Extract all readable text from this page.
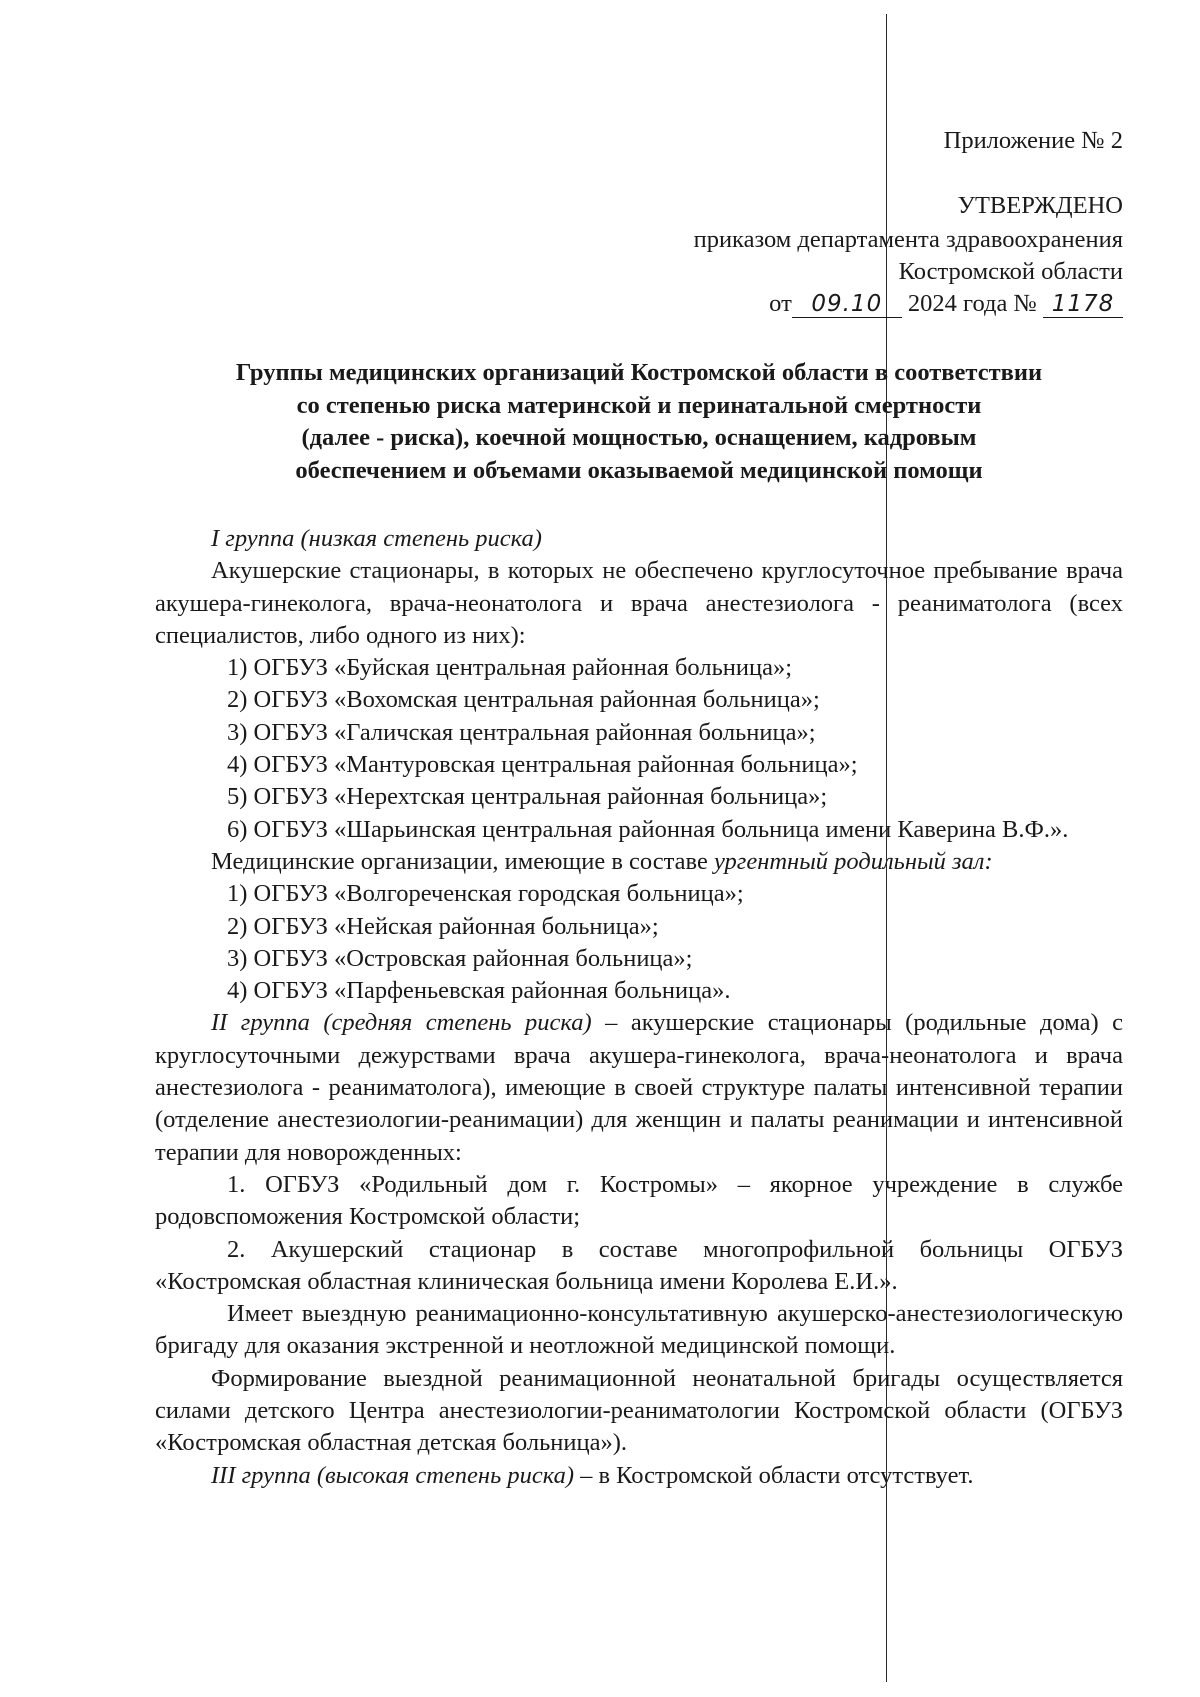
Приложение № 2
УТВЕРЖДЕНО
приказом департамента здравоохранения
Костромской области
от 09.10 2024 года № 1178
Группы медицинских организаций Костромской области в соответствии
со степенью риска материнской и перинатальной смертности
(далее - риска), коечной мощностью, оснащением, кадровым
обеспечением и объемами оказываемой медицинской помощи

I группа (низкая степень риска)

Акушерские стационары, в которых не обеспечено круглосуточное пребывание врача акушера-гинеколога, врача-неонатолога и врача анестезиолога - реаниматолога (всех специалистов, либо одного из них):

1) ОГБУЗ «Буйская центральная районная больница»;

2) ОГБУЗ «Вохомская центральная районная больница»;

3) ОГБУЗ «Галичская центральная районная больница»;

4) ОГБУЗ «Мантуровская центральная районная больница»;

5) ОГБУЗ «Нерехтская центральная районная больница»;

6) ОГБУЗ «Шарьинская центральная районная больница имени Каверина В.Ф.».

Медицинские организации, имеющие в составе ургентный родильный зал:

1) ОГБУЗ «Волгореченская городская больница»;

2) ОГБУЗ «Нейская районная больница»;

3) ОГБУЗ «Островская районная больница»;

4) ОГБУЗ «Парфеньевская районная больница».

II группа (средняя степень риска) – акушерские стационары (родильные дома) с круглосуточными дежурствами врача акушера-гинеколога, врача-неонатолога и врача анестезиолога - реаниматолога), имеющие в своей структуре палаты интенсивной терапии (отделение анестезиологии-реанимации) для женщин и палаты реанимации и интенсивной терапии для новорожденных:

1. ОГБУЗ «Родильный дом г. Костромы» – якорное учреждение в службе родовспоможения Костромской области;

2. Акушерский стационар в составе многопрофильной больницы ОГБУЗ «Костромская областная клиническая больница имени Королева Е.И.».

Имеет выездную реанимационно-консультативную акушерско-анестезиологическую бригаду для оказания экстренной и неотложной медицинской помощи.

Формирование выездной реанимационной неонатальной бригады осуществляется силами детского Центра анестезиологии-реаниматологии Костромской области (ОГБУЗ «Костромская областная детская больница»).

III группа (высокая степень риска) – в Костромской области отсутствует.
